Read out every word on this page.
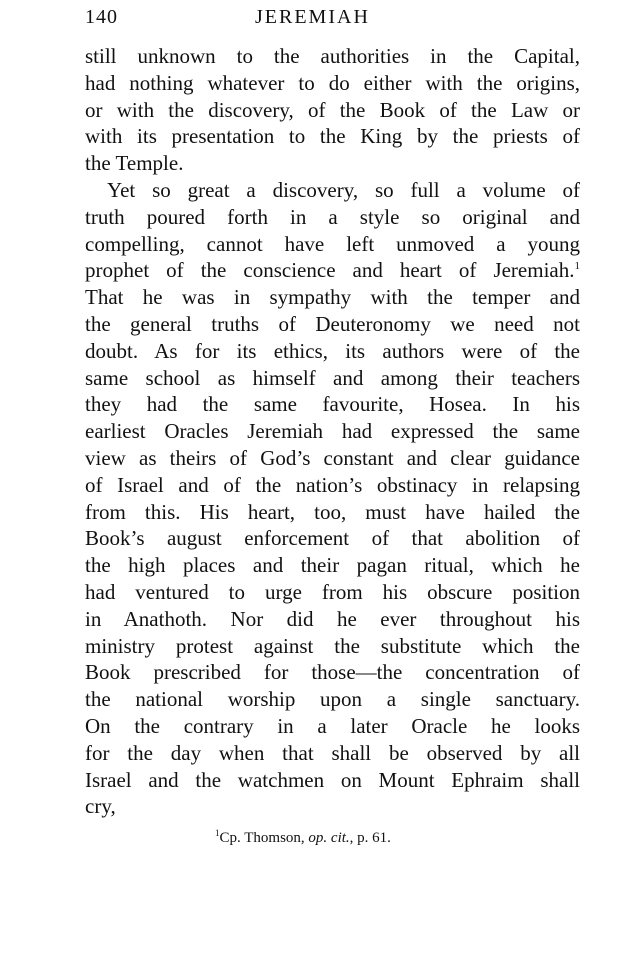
140	JEREMIAH
still unknown to the authorities in the Capital,
had nothing whatever to do either with the origins,
or with the discovery, of the Book of the Law or
with its presentation to the King by the priests of
the Temple.
Yet so great a discovery, so full a volume of
truth poured forth in a style so original and
compelling, cannot have left unmoved a young
prophet of the conscience and heart of Jeremiah.$^1$
That he was in sympathy with the temper and
the general truths of Deuteronomy we need not
doubt. As for its ethics, its authors were of the
same school as himself and among their teachers
they had the same favourite, Hosea. In his
earliest Oracles Jeremiah had expressed the same
view as theirs of God’s constant and clear guidance
of Israel and of the nation’s obstinacy in relapsing
from this. His heart, too, must have hailed the
Book’s august enforcement of that abolition of
the high places and their pagan ritual, which he
had ventured to urge from his obscure position
in Anathoth. Nor did he ever throughout his
ministry protest against the substitute which the
Book prescribed for those—the concentration of
the national worship upon a single sanctuary.
On the contrary in a later Oracle he looks
for the day when that shall be observed by all
Israel and the watchmen on Mount Ephraim shall
cry,
$^1$Cp. Thomson, op. cit., p. 61.
